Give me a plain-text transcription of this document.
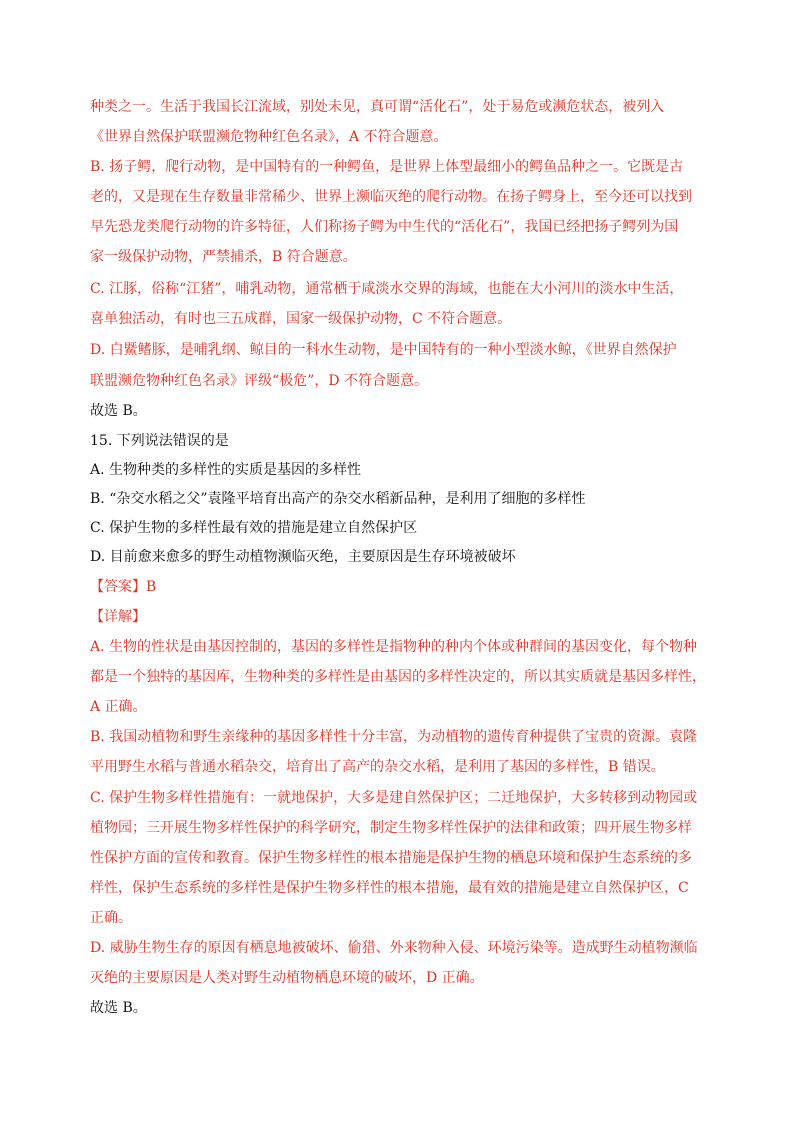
种类之一。生活于我国长江流域，别处未见，真可谓“活化石”，处于易危或濒危状态，被列入
《世界自然保护联盟濒危物种红色名录》，A 不符合题意。
B. 扬子鳄，爬行动物，是中国特有的一种鳄鱼，是世界上体型最细小的鳄鱼品种之一。它既是古
老的，又是现在生存数量非常稀少、世界上濒临灭绝的爬行动物。在扬子鳄身上，至今还可以找到
早先恐龙类爬行动物的许多特征，人们称扬子鳄为中生代的“活化石”，我国已经把扬子鳄列为国
家一级保护动物，严禁捕杀，B 符合题意。
C. 江豚，俗称“江猪”，哺乳动物，通常栖于咸淡水交界的海域，也能在大小河川的淡水中生活，
喜单独活动，有时也三五成群，国家一级保护动物，C 不符合题意。
D. 白鱀鳍豚，是哺乳纲、鲸目的一科水生动物，是中国特有的一种小型淡水鲸，《世界自然保护
联盟濒危物种红色名录》评级“极危”，D 不符合题意。
故选 B。
15. 下列说法错误的是
A. 生物种类的多样性的实质是基因的多样性
B. “杂交水稻之父”袁隆平培育出高产的杂交水稻新品种，是利用了细胞的多样性
C. 保护生物的多样性最有效的措施是建立自然保护区
D. 目前愈来愈多的野生动植物濒临灭绝，主要原因是生存环境被破坏
【答案】B
【详解】
A. 生物的性状是由基因控制的，基因的多样性是指物种的种内个体或种群间的基因变化，每个物种
都是一个独特的基因库，生物种类的多样性是由基因的多样性决定的，所以其实质就是基因多样性，
A 正确。
B. 我国动植物和野生亲缘种的基因多样性十分丰富，为动植物的遗传育种提供了宝贵的资源。袁隆
平用野生水稻与普通水稻杂交，培育出了高产的杂交水稻，是利用了基因的多样性，B 错误。
C. 保护生物多样性措施有：一就地保护，大多是建自然保护区；二迁地保护，大多转移到动物园或
植物园；三开展生物多样性保护的科学研究，制定生物多样性保护的法律和政策；四开展生物多样
性保护方面的宣传和教育。保护生物多样性的根本措施是保护生物的栖息环境和保护生态系统的多
样性，保护生态系统的多样性是保护生物多样性的根本措施，最有效的措施是建立自然保护区，C
正确。
D. 威胁生物生存的原因有栖息地被破坏、偷猎、外来物种入侵、环境污染等。造成野生动植物濒临
灭绝的主要原因是人类对野生动植物栖息环境的破坏，D 正确。
故选 B。
